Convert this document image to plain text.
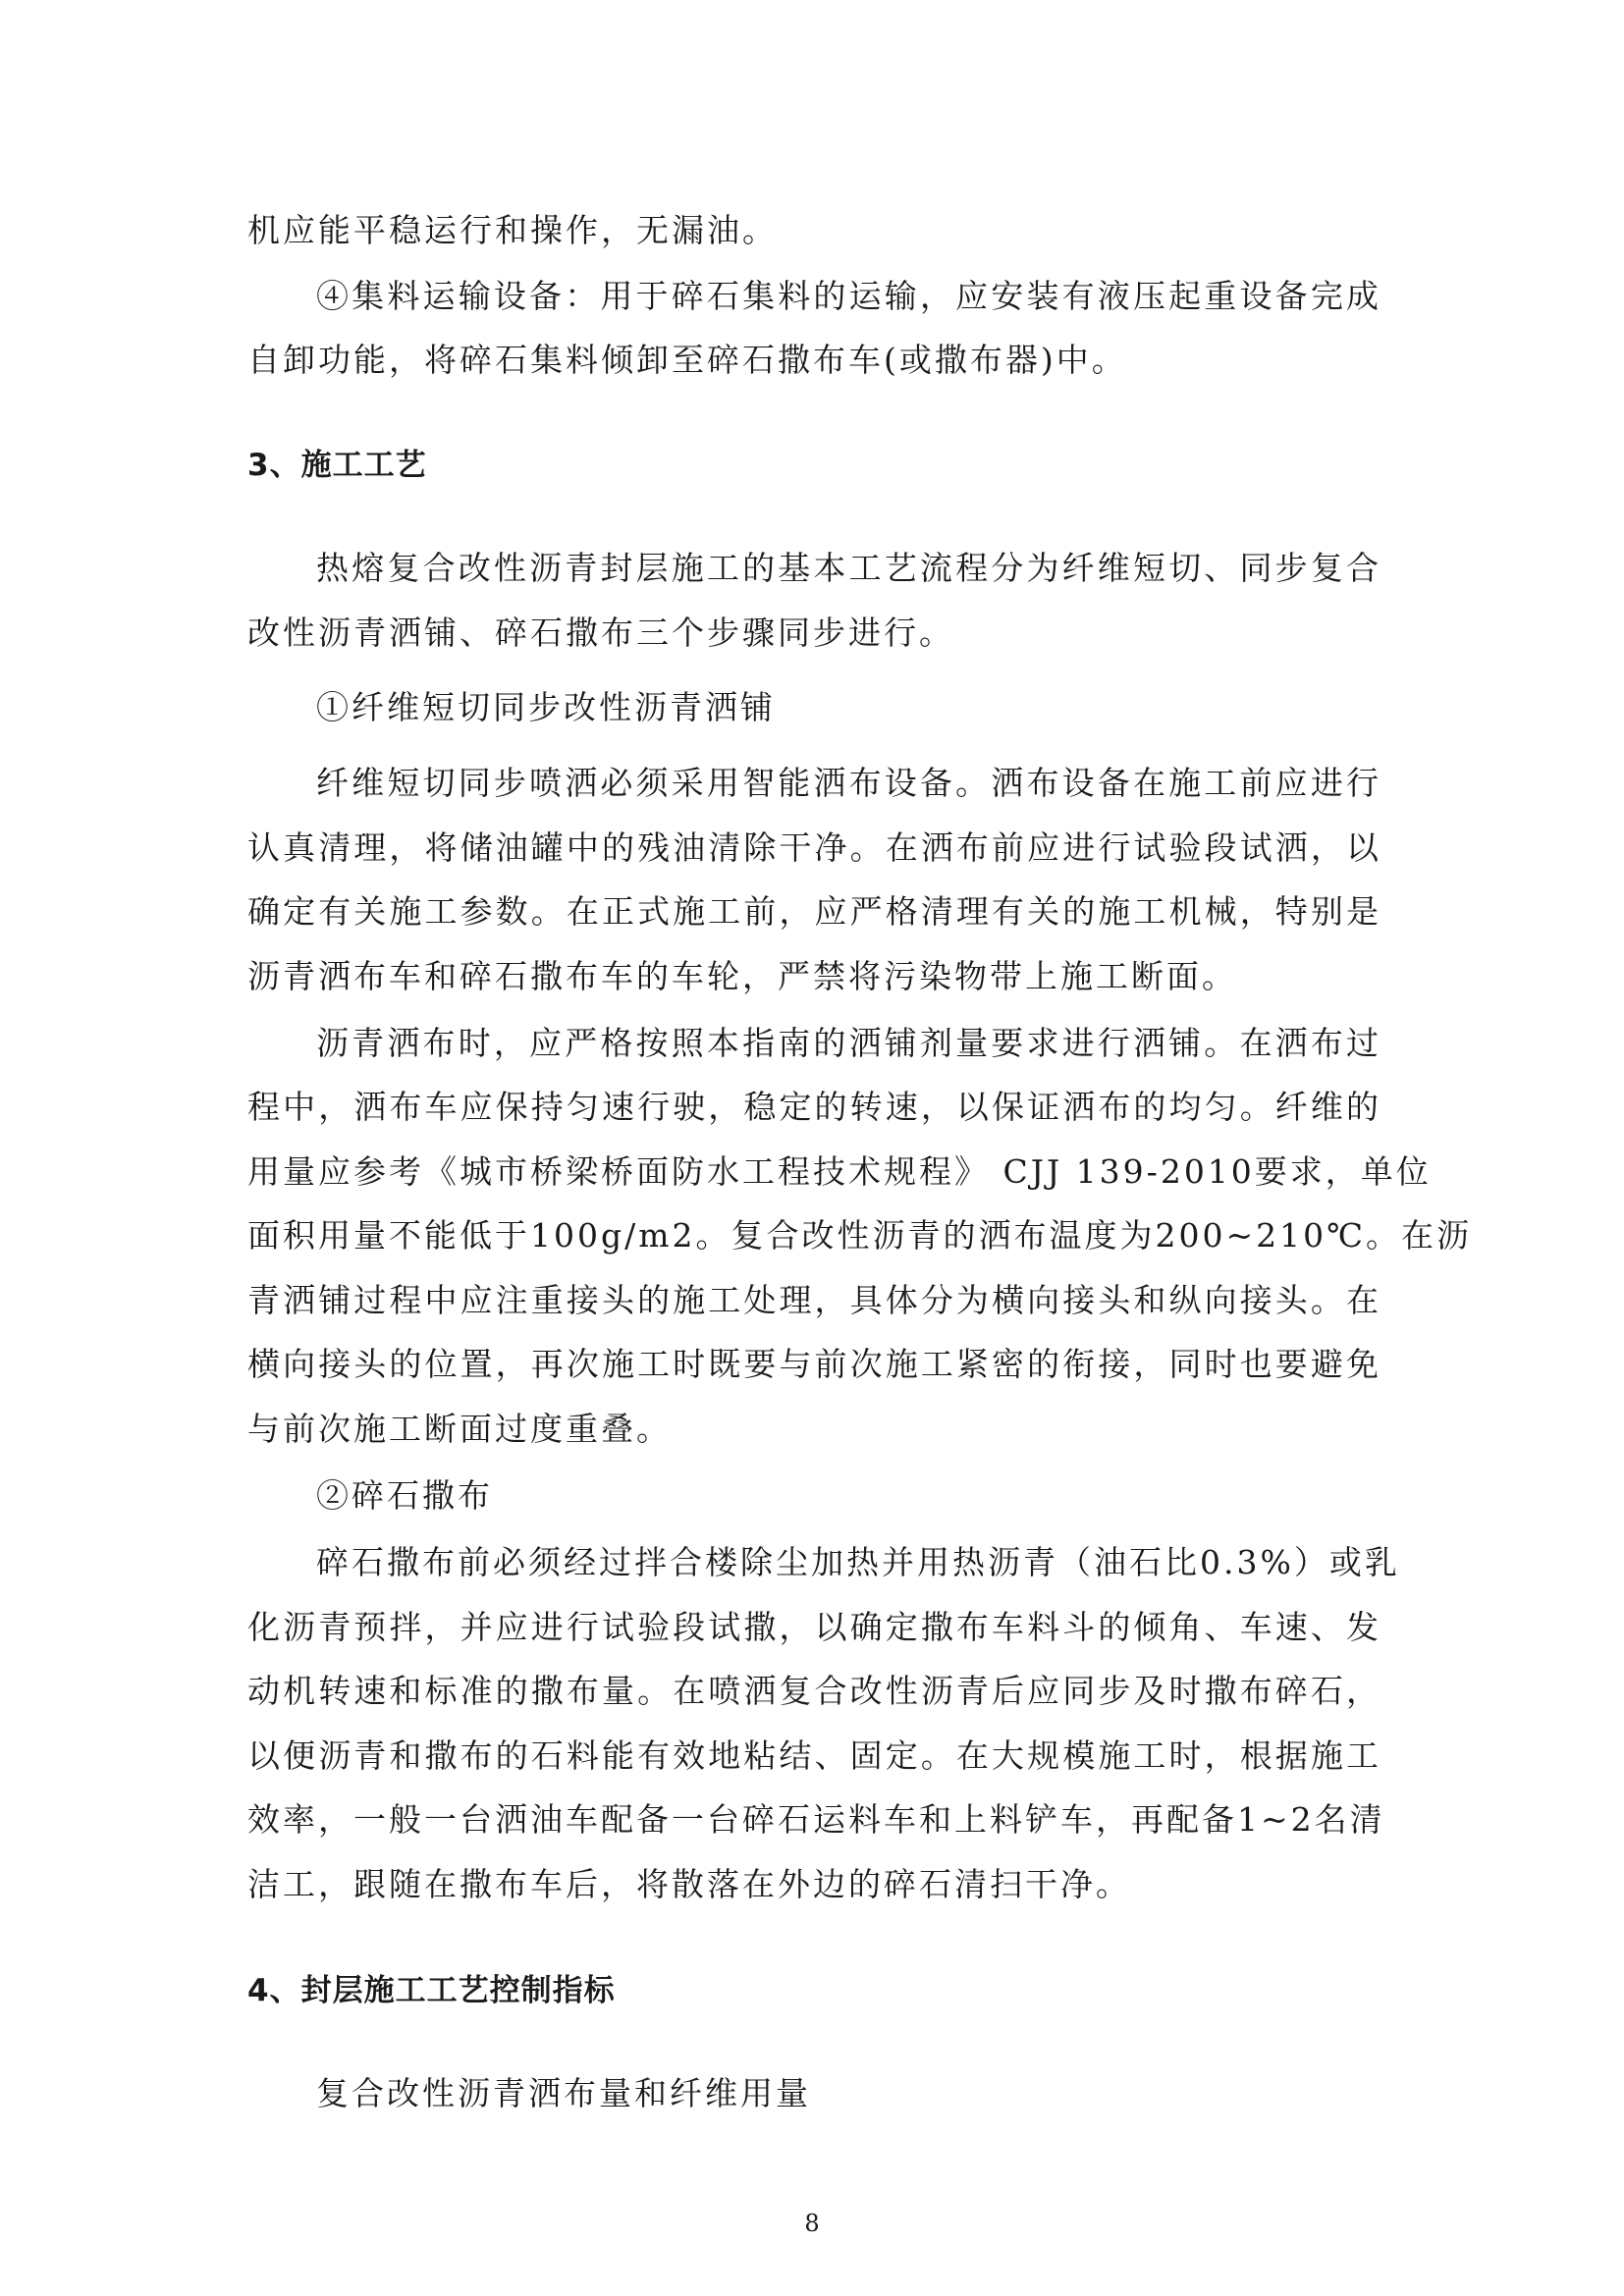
机应能平稳运行和操作，无漏油。
④集料运输设备：用于碎石集料的运输，应安装有液压起重设备完成
自卸功能，将碎石集料倾卸至碎石撒布车(或撒布器)中。
3、施工工艺
热熔复合改性沥青封层施工的基本工艺流程分为纤维短切、同步复合
改性沥青洒铺、碎石撒布三个步骤同步进行。
①纤维短切同步改性沥青洒铺
纤维短切同步喷洒必须采用智能洒布设备。洒布设备在施工前应进行
认真清理，将储油罐中的残油清除干净。在洒布前应进行试验段试洒，以
确定有关施工参数。在正式施工前，应严格清理有关的施工机械，特别是
沥青洒布车和碎石撒布车的车轮，严禁将污染物带上施工断面。
沥青洒布时，应严格按照本指南的洒铺剂量要求进行洒铺。在洒布过
程中，洒布车应保持匀速行驶，稳定的转速，以保证洒布的均匀。纤维的
用量应参考《城市桥梁桥面防水工程技术规程》 CJJ 139-2010要求，单位
面积用量不能低于100g/m2。复合改性沥青的洒布温度为200~210℃。在沥
青洒铺过程中应注重接头的施工处理，具体分为横向接头和纵向接头。在
横向接头的位置，再次施工时既要与前次施工紧密的衔接，同时也要避免
与前次施工断面过度重叠。
②碎石撒布
碎石撒布前必须经过拌合楼除尘加热并用热沥青（油石比0.3%）或乳
化沥青预拌，并应进行试验段试撒，以确定撒布车料斗的倾角、车速、发
动机转速和标准的撒布量。在喷洒复合改性沥青后应同步及时撒布碎石，
以便沥青和撒布的石料能有效地粘结、固定。在大规模施工时，根据施工
效率，一般一台洒油车配备一台碎石运料车和上料铲车，再配备1~2名清
洁工，跟随在撒布车后，将散落在外边的碎石清扫干净。
4、封层施工工艺控制指标
复合改性沥青洒布量和纤维用量
8
